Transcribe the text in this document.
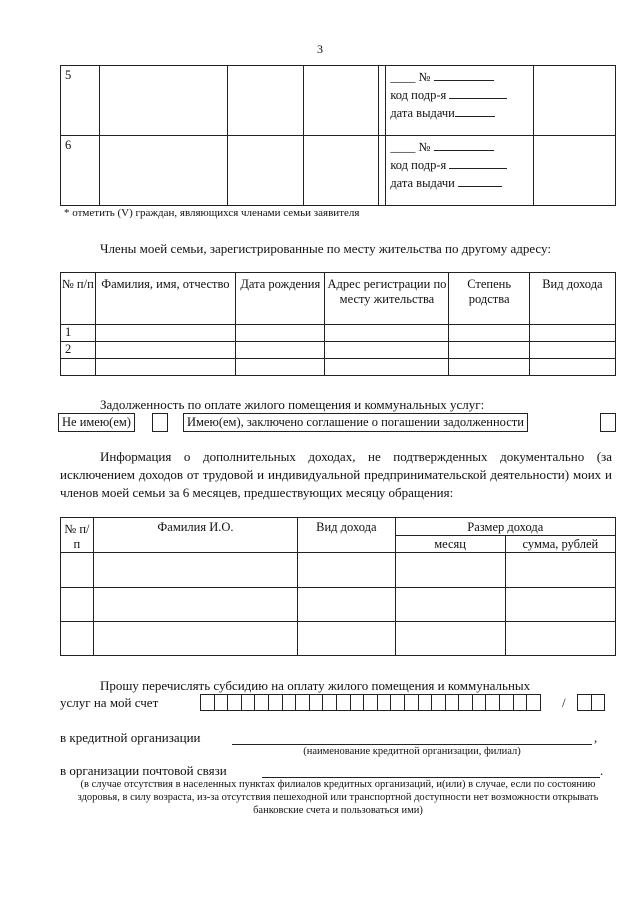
3
5					____ №
код подр-я
дата выдачи	

6					____ №
код подр-я
дата выдачи	

* отметить (V) граждан, являющихся членами семьи заявителя
Члены моей семьи, зарегистрированные по месту жительства по другому адресу:
№ п/п	Фамилия, имя, отчество	Дата рождения	Адрес регистрации по месту жительства	Степень родства	Вид дохода
1					
2					

Задолженность по оплате жилого помещения и коммунальных услуг:
Не имею(ем)	Имею(ем), заключено соглашение о погашении задолженности
Информация о дополнительных доходах, не подтвержденных документально (за исключением доходов от трудовой и индивидуальной предпринимательской деятельности) моих и членов моей семьи за 6 месяцев, предшествующих месяцу обращения:
№ п/п	Фамилия И.О.	Вид дохода	Размер дохода	
			месяц	сумма, рублей

Прошу перечислять субсидию на оплату жилого помещения и коммунальных
услуг на мой счет	/
в кредитной организации	,
(наименование кредитной организации, филиал)
в организации почтовой связи	.
(в случае отсутствия в населенных пунктах филиалов кредитных организаций, и(или) в случае, если по состоянию здоровья, в силу возраста, из-за отсутствия пешеходной или транспортной доступности нет возможности открывать банковские счета и пользоваться ими)
